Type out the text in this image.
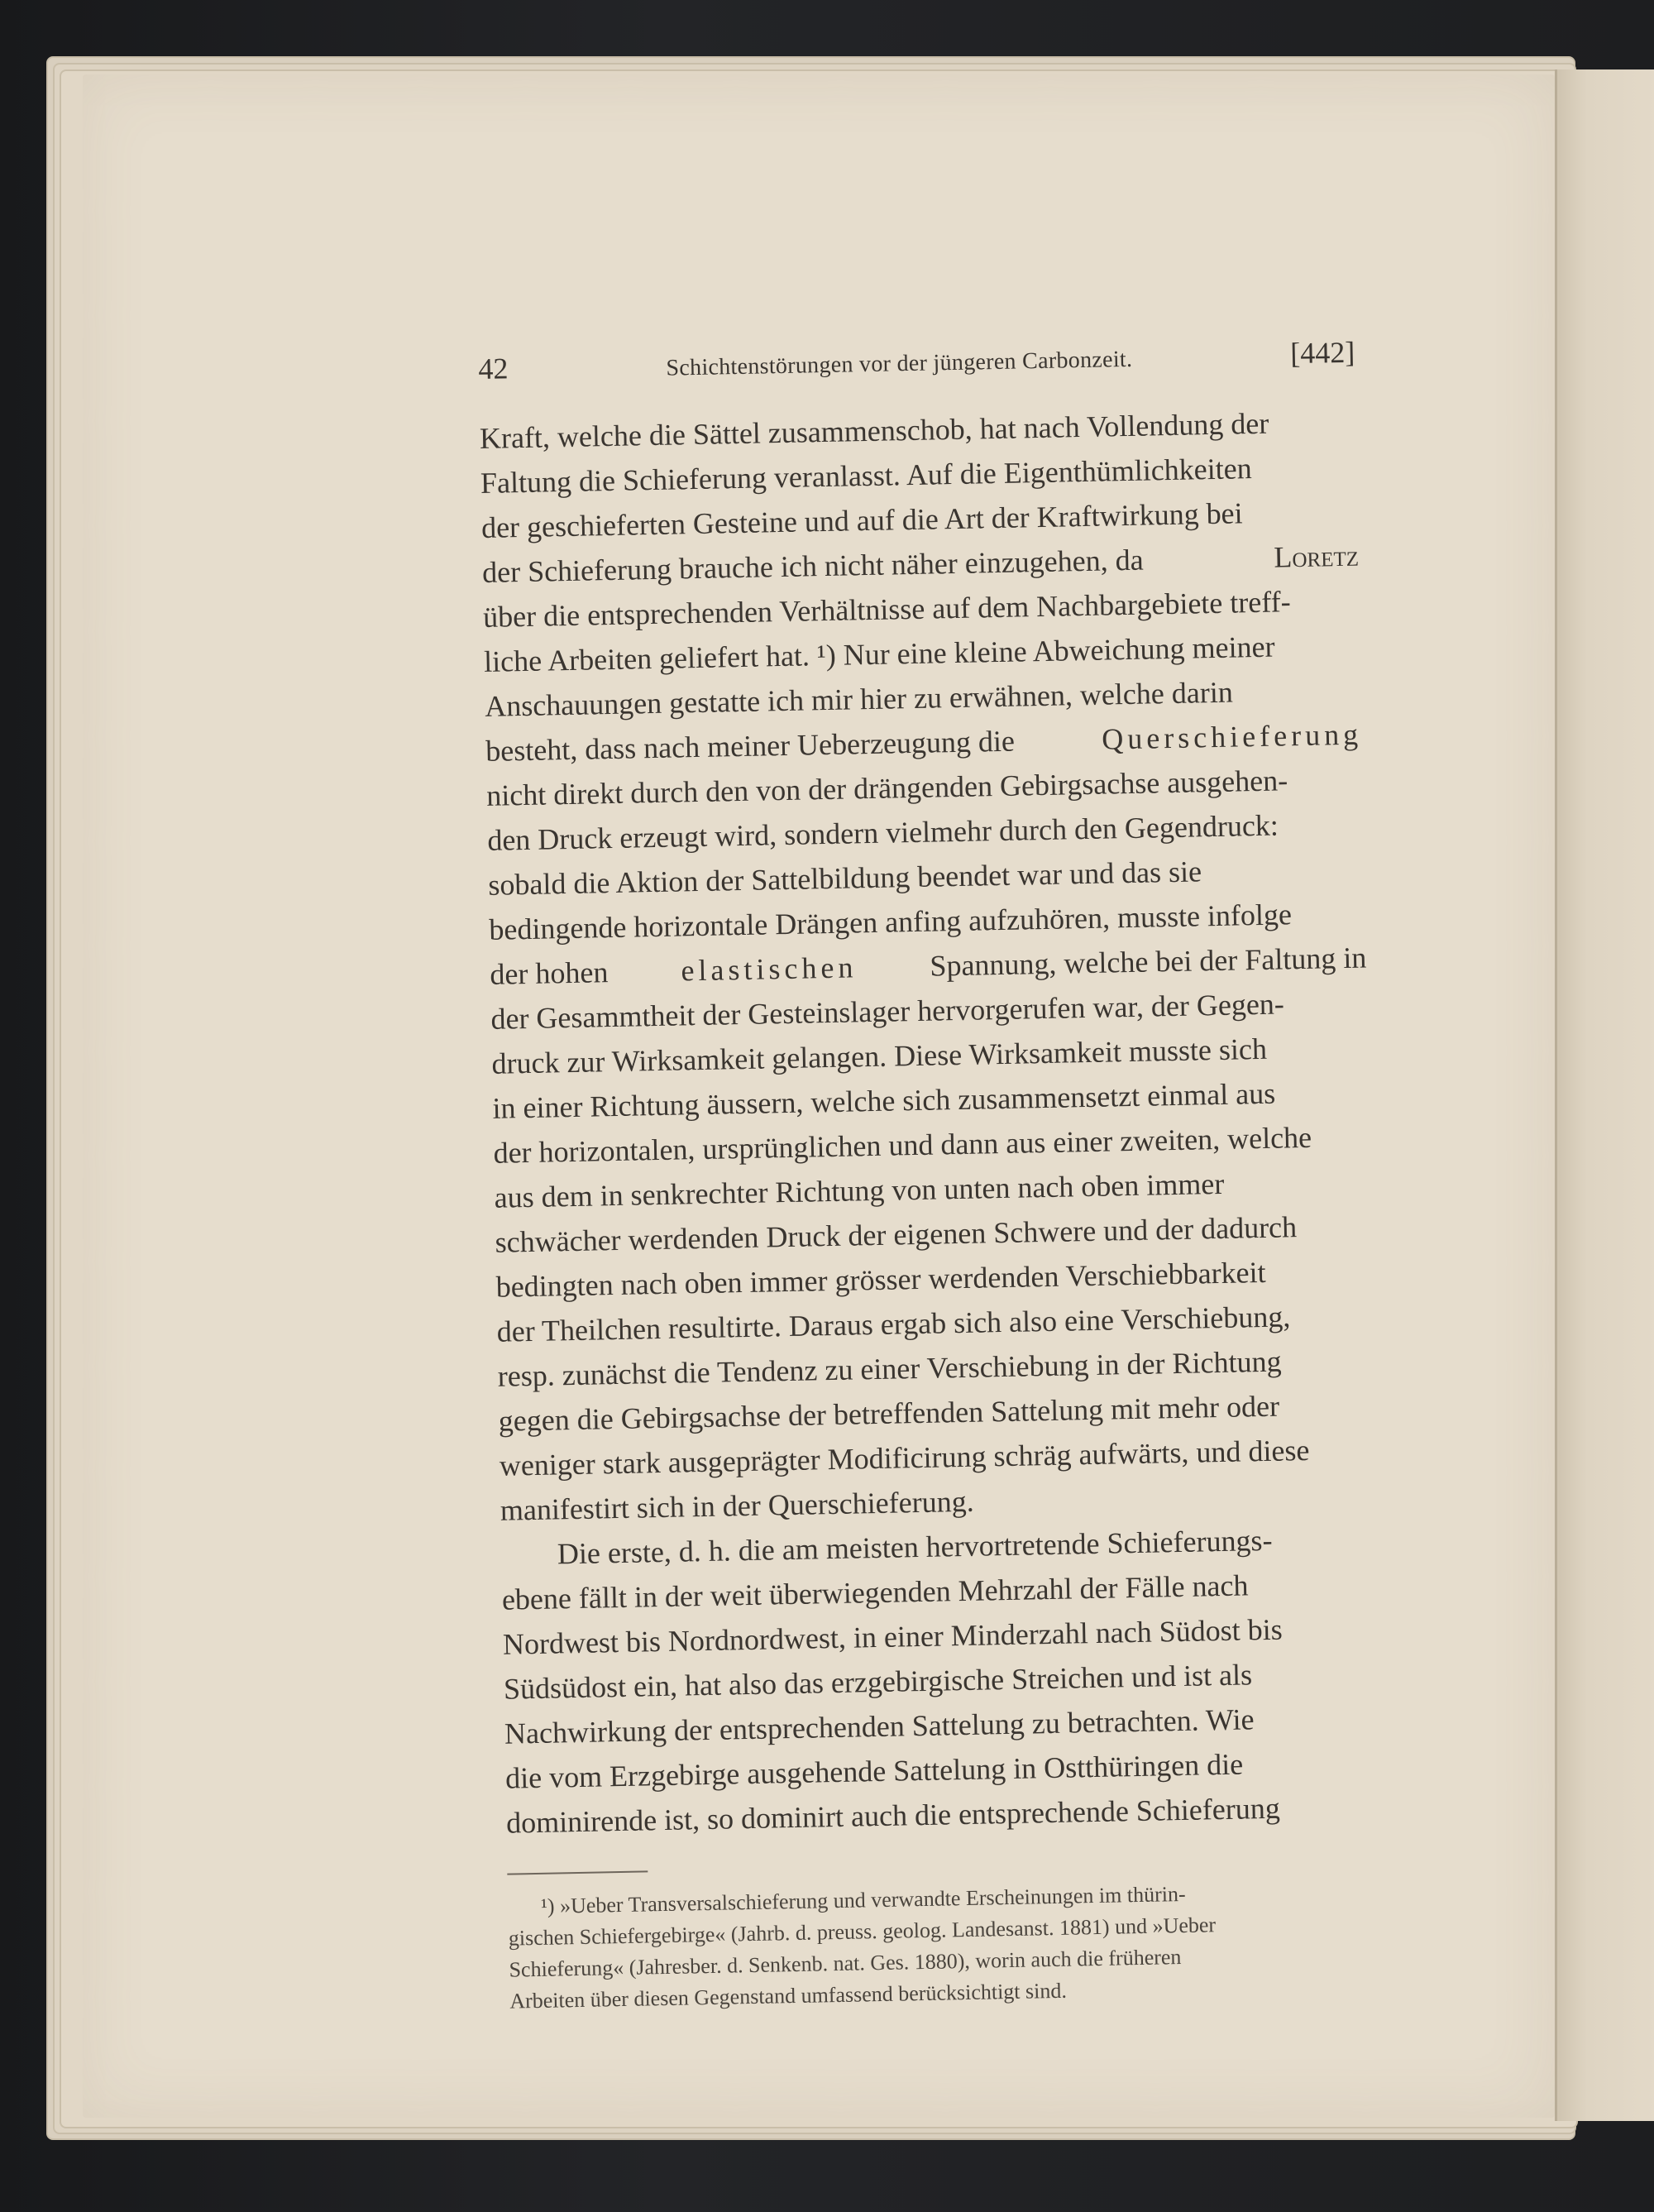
42	Schichtenstörungen vor der jüngeren Carbonzeit.	[442]
Kraft, welche die Sättel zusammenschob, hat nach Vollendung der
Faltung die Schieferung veranlasst. Auf die Eigenthümlichkeiten
der geschieferten Gesteine und auf die Art der Kraftwirkung bei
der Schieferung brauche ich nicht näher einzugehen, da	Loretz
über die entsprechenden Verhältnisse auf dem Nachbargebiete treff-
liche Arbeiten geliefert hat. ¹) Nur eine kleine Abweichung meiner
Anschauungen gestatte ich mir hier zu erwähnen, welche darin
besteht, dass nach meiner Ueberzeugung die	Querschieferung
nicht direkt durch den von der drängenden Gebirgsachse ausgehen-
den Druck erzeugt wird, sondern vielmehr durch den Gegendruck:
sobald die Aktion der Sattelbildung beendet war und das sie
bedingende horizontale Drängen anfing aufzuhören, musste infolge
der hohen elastischen Spannung, welche bei der Faltung in
der Gesammtheit der Gesteinslager hervorgerufen war, der Gegen-
druck zur Wirksamkeit gelangen. Diese Wirksamkeit musste sich
in einer Richtung äussern, welche sich zusammensetzt einmal aus
der horizontalen, ursprünglichen und dann aus einer zweiten, welche
aus dem in senkrechter Richtung von unten nach oben immer
schwächer werdenden Druck der eigenen Schwere und der dadurch
bedingten nach oben immer grösser werdenden Verschiebbarkeit
der Theilchen resultirte. Daraus ergab sich also eine Verschiebung,
resp. zunächst die Tendenz zu einer Verschiebung in der Richtung
gegen die Gebirgsachse der betreffenden Sattelung mit mehr oder
weniger stark ausgeprägter Modificirung schräg aufwärts, und diese
manifestirt sich in der Querschieferung.
Die erste, d. h. die am meisten hervortretende Schieferungs-
ebene fällt in der weit überwiegenden Mehrzahl der Fälle nach
Nordwest bis Nordnordwest, in einer Minderzahl nach Südost bis
Südsüdost ein, hat also das erzgebirgische Streichen und ist als
Nachwirkung der entsprechenden Sattelung zu betrachten. Wie
die vom Erzgebirge ausgehende Sattelung in Ostthüringen die
dominirende ist, so dominirt auch die entsprechende Schieferung
¹) »Ueber Transversalschieferung und verwandte Erscheinungen im thürin-
gischen Schiefergebirge« (Jahrb. d. preuss. geolog. Landesanst. 1881) und »Ueber
Schieferung« (Jahresber. d. Senkenb. nat. Ges. 1880), worin auch die früheren
Arbeiten über diesen Gegenstand umfassend berücksichtigt sind.
